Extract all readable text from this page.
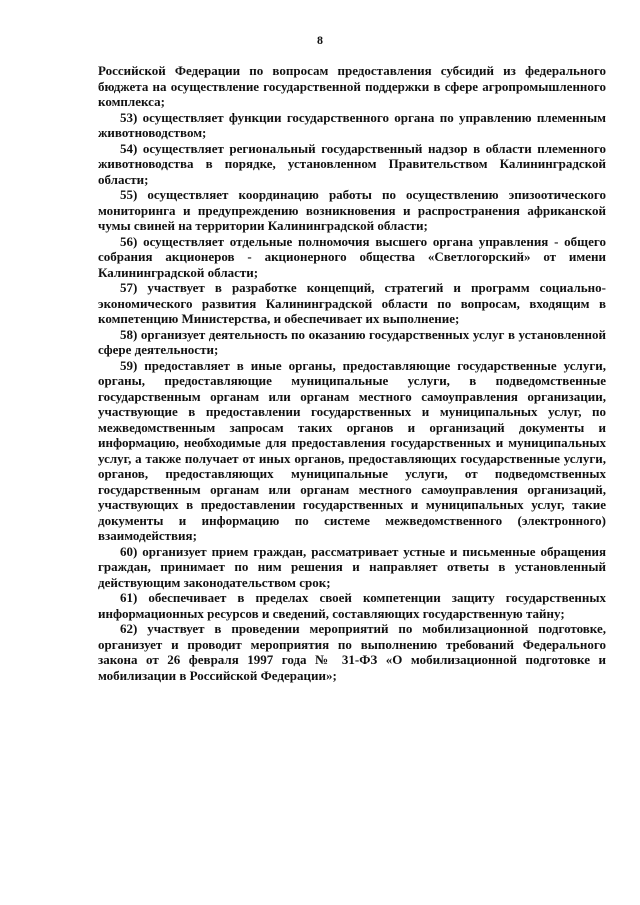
8

Российской Федерации по вопросам предоставления субсидий из федерального бюджета на осуществление государственной поддержки в сфере агропромышленного комплекса;

53) осуществляет функции государственного органа по управлению племенным животноводством;

54) осуществляет региональный государственный надзор в области племенного животноводства в порядке, установленном Правительством Калининградской области;

55) осуществляет координацию работы по осуществлению эпизоотического мониторинга и предупреждению возникновения и распространения африканской чумы свиней на территории Калининградской области;

56) осуществляет отдельные полномочия высшего органа управления - общего собрания акционеров - акционерного общества «Светлогорский» от имени Калининградской области;

57) участвует в разработке концепций, стратегий и программ социально-экономического развития Калининградской области по вопросам, входящим в компетенцию Министерства, и обеспечивает их выполнение;

58) организует деятельность по оказанию государственных услуг в установленной сфере деятельности;

59) предоставляет в иные органы, предоставляющие государственные услуги, органы, предоставляющие муниципальные услуги, в подведомственные государственным органам или органам местного самоуправления организации, участвующие в предоставлении государственных и муниципальных услуг, по межведомственным запросам таких органов и организаций документы и информацию, необходимые для предоставления государственных и муниципальных услуг, а также получает от иных органов, предоставляющих государственные услуги, органов, предоставляющих муниципальные услуги, от подведомственных государственным органам или органам местного самоуправления организаций, участвующих в предоставлении государственных и муниципальных услуг, такие документы и информацию по системе межведомственного (электронного) взаимодействия;

60) организует прием граждан, рассматривает устные и письменные обращения граждан, принимает по ним решения и направляет ответы в установленный действующим законодательством срок;

61) обеспечивает в пределах своей компетенции защиту государственных информационных ресурсов и сведений, составляющих государственную тайну;

62) участвует в проведении мероприятий по мобилизационной подготовке, организует и проводит мероприятия по выполнению требований Федерального закона от 26 февраля 1997 года № 31-ФЗ «О мобилизационной подготовке и мобилизации в Российской Федерации»;
